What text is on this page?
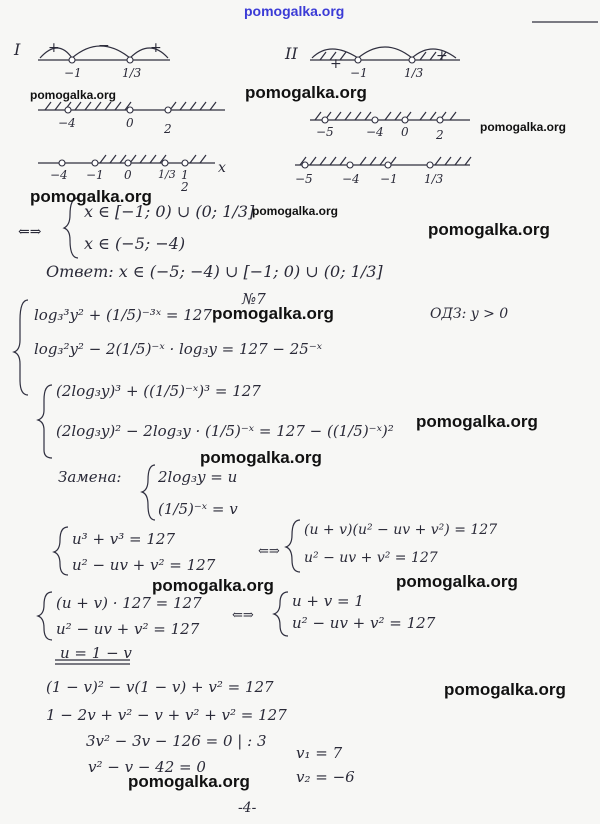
pomogalka.org
I +	−	+
−1	1/3
−4	0	2
−4 −1 0 1/3 1
2
x
II
+	+
−1	1/3
−5	−4 0 2
−5 −4 −1 1/3
⇐⇒
x ∈ [−1; 0) ∪ (0; 1/3]
x ∈ (−5; −4)
Ответ: x ∈ (−5; −4) ∪ [−1; 0) ∪ (0; 1/3]
№7
ОДЗ: y > 0
log₃³y² + (1/5)⁻³ˣ = 127
log₃²y² − 2(1/5)⁻ˣ · log₃y = 127 − 25⁻ˣ
(2log₃y)³ + ((1/5)⁻ˣ)³ = 127
(2log₃y)² − 2log₃y · (1/5)⁻ˣ = 127 − ((1/5)⁻ˣ)²
Замена: 2log₃y = u
(1/5)⁻ˣ = v
u³ + v³ = 127
u² − uv + v² = 127
⇐⇒
(u + v)(u² − uv + v²) = 127
u² − uv + v² = 127
(u + v) · 127 = 127
u² − uv + v² = 127
⇐⇒
u + v = 1
u² − uv + v² = 127
u = 1 − v
(1 − v)² − v(1 − v) + v² = 127
1 − 2v + v² − v + v² + v² = 127
3v² − 3v − 126 = 0 | : 3
v² − v − 42 = 0
v₁ = 7
v₂ = −6
-4-
pomogalka.org	pomogalka.org
pomogalka.org
pomogalka.org
pomogalka.org
pomogalka.org
pomogalka.org
pomogalka.org
pomogalka.org
pomogalka.org	pomogalka.org
pomogalka.org
pomogalka.org
